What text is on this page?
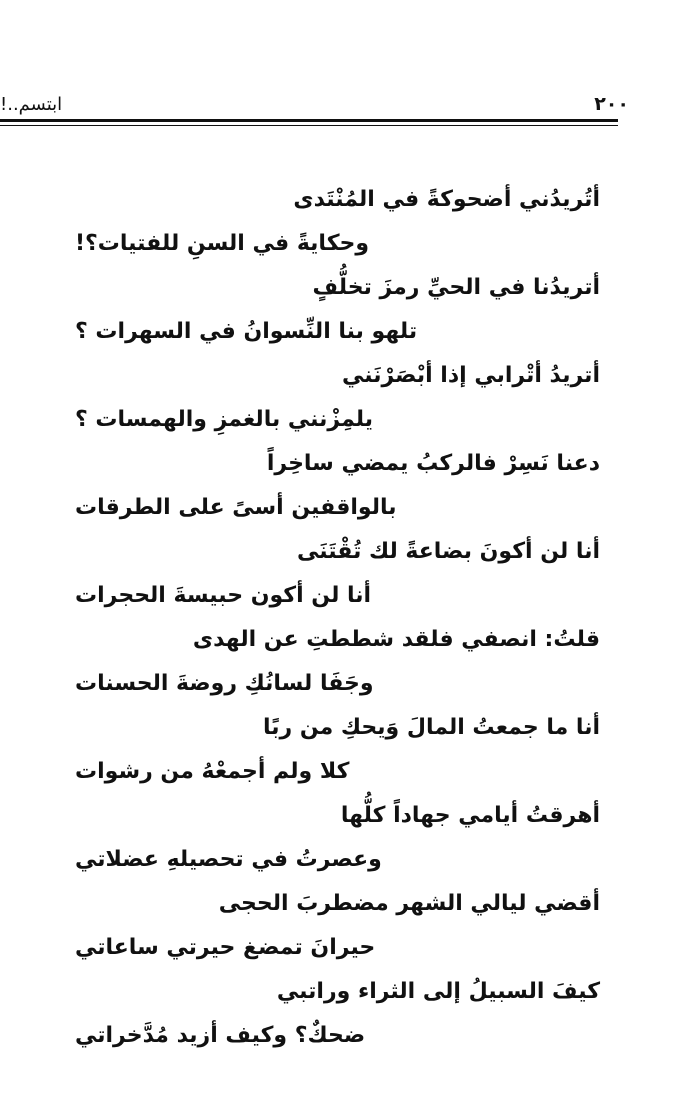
٢٠٠
ابتسم..!
أتُريدُني أضحوكةً في المُنْتَدى
وحكايةً في السنِ للفتيات؟!
أتريدُنا في الحيِّ رمزَ تخلُّفٍ
تلهو بنا النِّسوانُ في السهرات ؟
أتريدُ أتْرابي إذا أبْصَرْنَني
يلمِزْنني بالغمزِ والهمسات ؟
دعنا نَسِرْ فالركبُ يمضي ساخِراً
بالواقفين أسىً على الطرقات
أنا لن أكونَ بضاعةً لك تُقْتَنَى
أنا لن أكون حبيسةَ الحجرات
قلتُ: انصفي فلقد شططتِ عن الهدى
وجَفَا لسانُكِ روضةَ الحسنات
أنا ما جمعتُ المالَ وَيحكِ من ربًا
كلا ولم أجمعْهُ من رشوات
أهرقتُ أيامي جهاداً كلُّها
وعصرتُ في تحصيلهِ عضلاتي
أقضي ليالي الشهر مضطربَ الحجى
حيرانَ تمضغ حيرتي ساعاتي
كيفَ السبيلُ إلى الثراء وراتبي
ضحكٌ؟ وكيف أزيد مُدَّخراتي
